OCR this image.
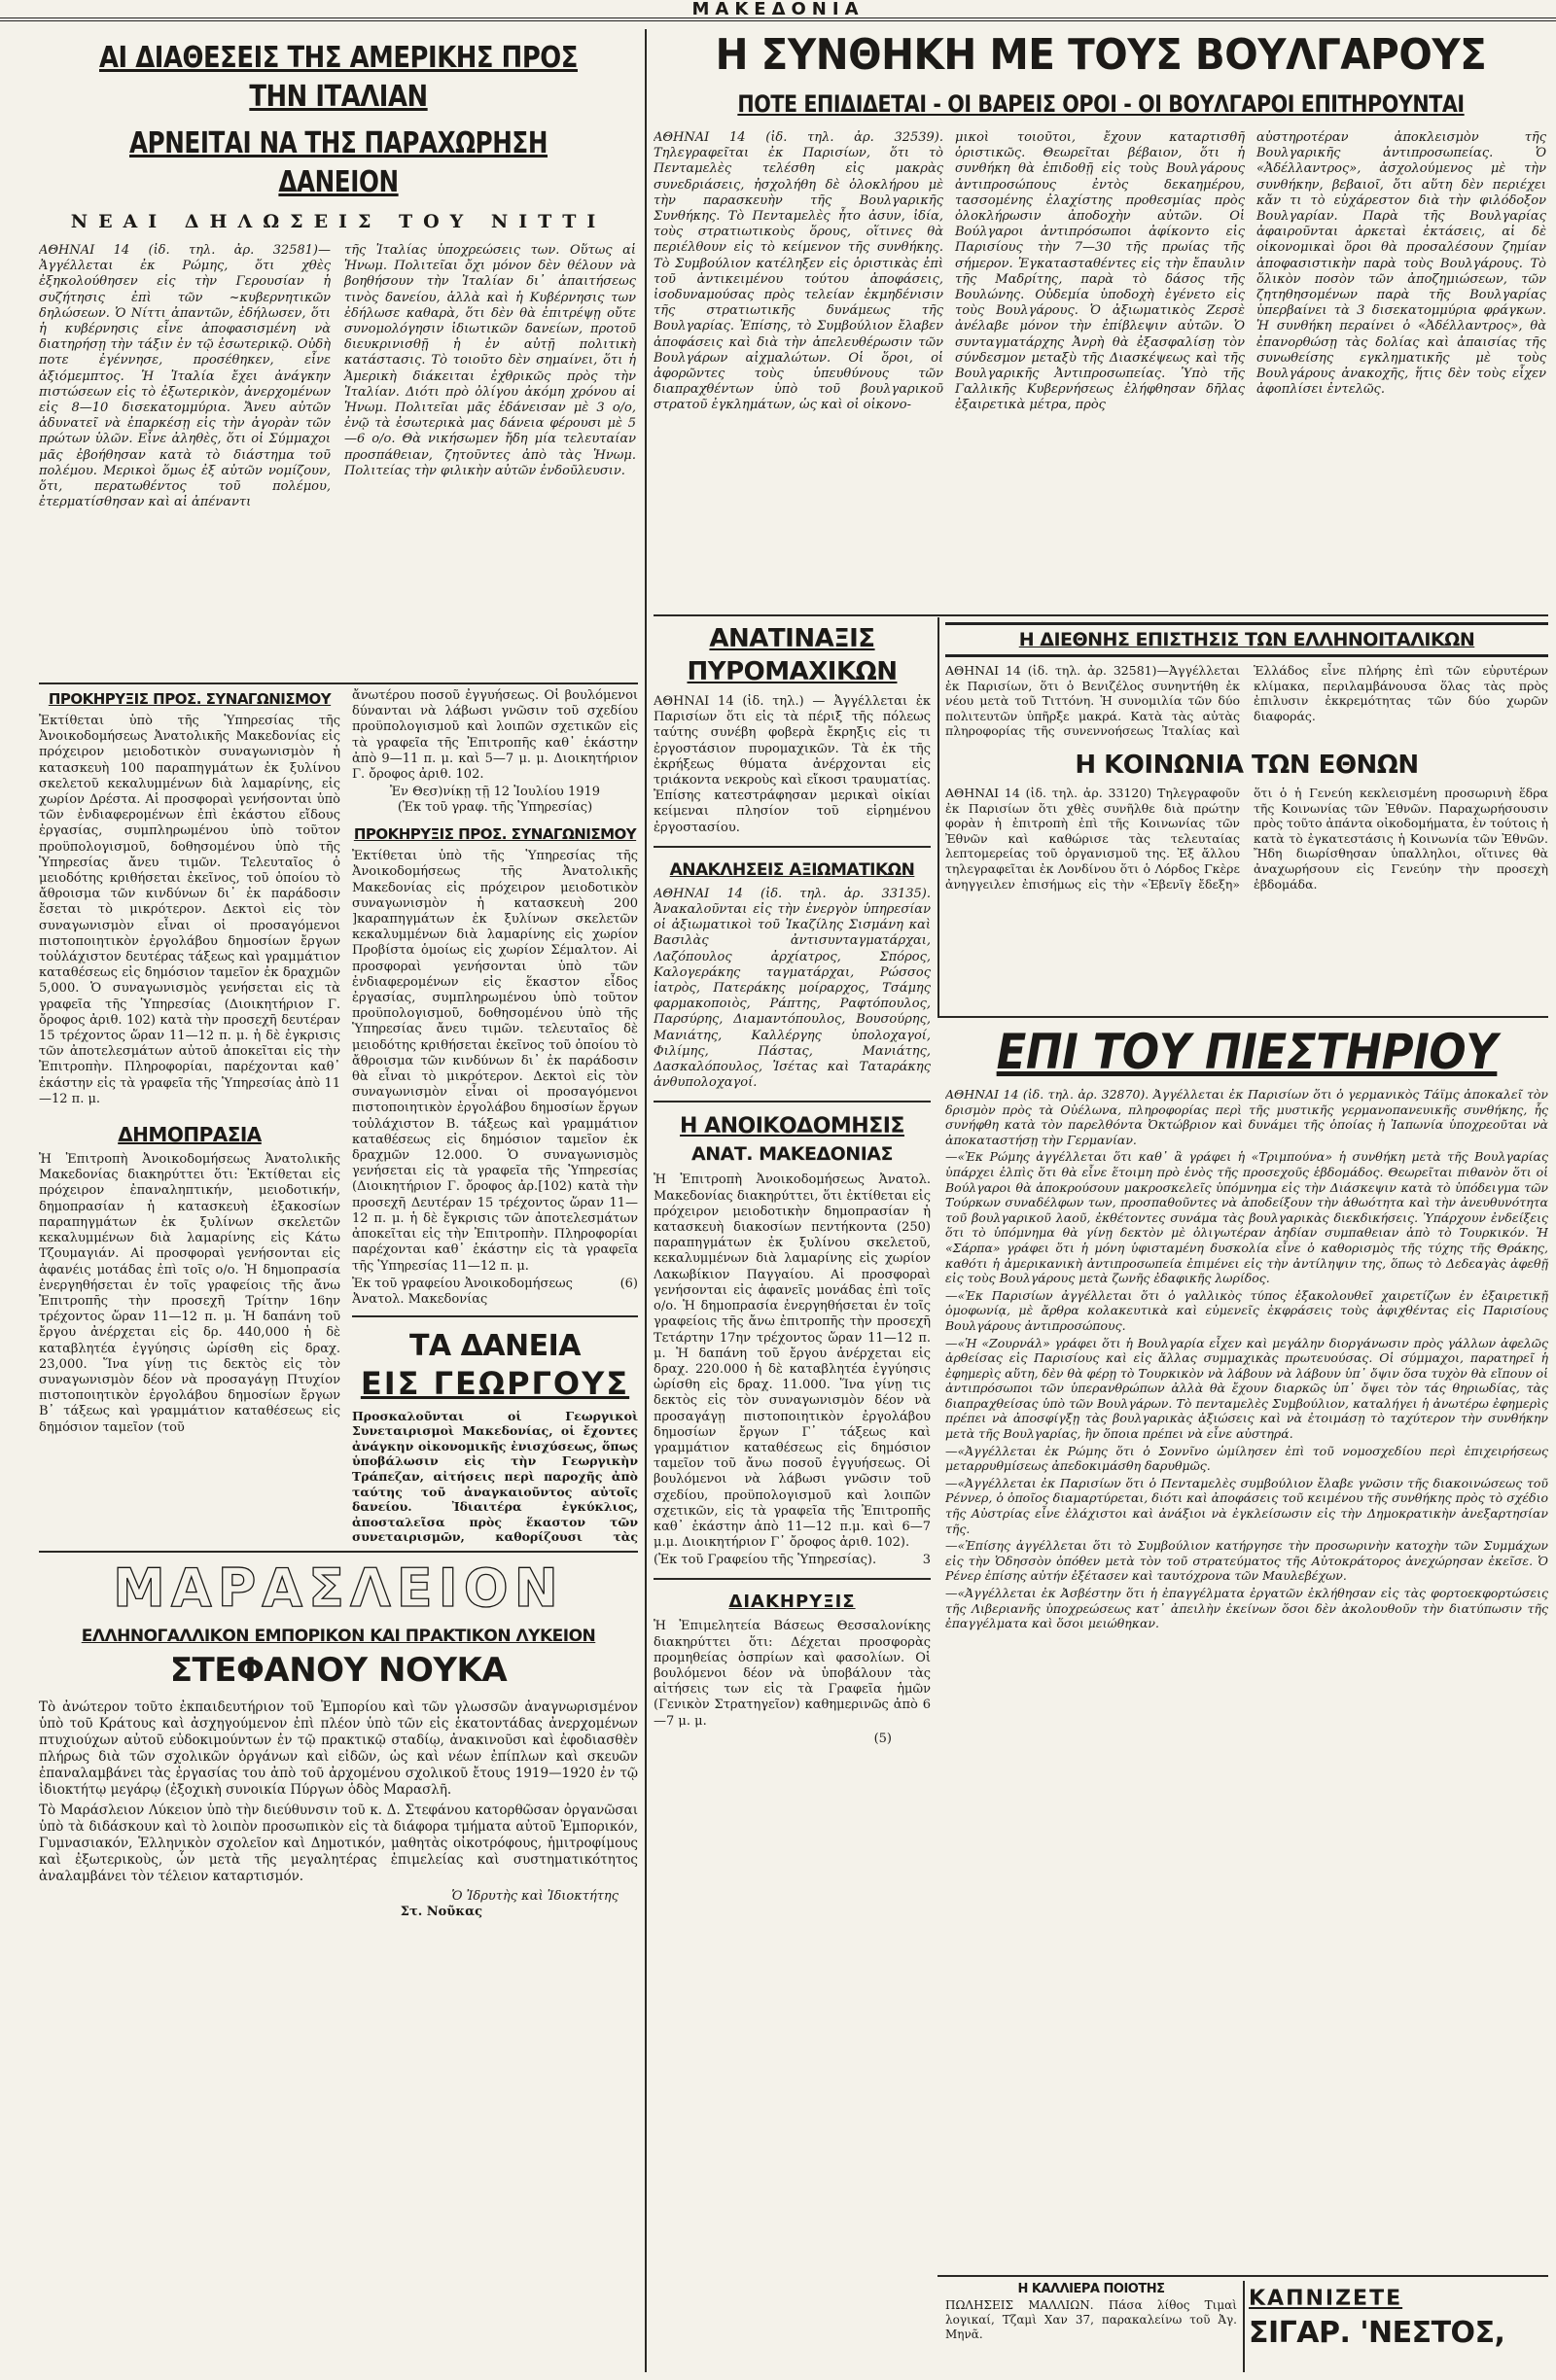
ΜΑΚΕΔΟΝΙΑ
ΑΙ ΔΙΑΘΕΣΕΙΣ ΤΗΣ ΑΜΕΡΙΚΗΣ ΠΡΟΣ ΤΗΝ ΙΤΑΛΙΑΝ
ΑΡΝΕΙΤΑΙ ΝΑ ΤΗΣ ΠΑΡΑΧΩΡΗΣΗ ΔΑΝΕΙΟΝ
ΝΕΑΙ ΔΗΛΩΣΕΙΣ ΤΟΥ ΝΙΤΤΙ

ΑΘΗΝΑΙ 14 (ἰδ. τηλ. ἀρ. 32581)—Ἀγγέλλεται ἐκ Ρώμης, ὅτι χθὲς ἐξηκολούθησεν εἰς τὴν Γερουσίαν ἡ συζήτησις ἐπὶ τῶν ~κυβερνητικῶν δηλώσεων. Ὁ Νίττι ἀπαντῶν, ἐδήλωσεν, ὅτι ἡ κυβέρνησις εἶνε ἀποφασισμένη νὰ διατηρήσῃ τὴν τάξιν ἐν τῷ ἐσωτερικῷ. Οὐδὴ ποτε ἐγέννησε, προσέθηκεν, εἶνε ἀξιόμεμπτος. Ἡ Ἰταλία ἔχει ἀνάγκην πιστώσεων εἰς τὸ ἐξωτερικὸν, ἀνερχομένων εἰς 8—10 δισεκατομμύρια. Ἄνευ αὐτῶν ἀδυνατεῖ νὰ ἐπαρκέσῃ εἰς τὴν ἀγορὰν τῶν πρώτων ὑλῶν. Εἶνε ἀληθὲς, ὅτι οἱ Σύμμαχοι μᾶς ἐβοήθησαν κατὰ τὸ διάστημα τοῦ πολέμου. Μερικοὶ ὅμως ἐξ αὐτῶν νομίζουν, ὅτι, περατωθέντος τοῦ πολέμου, ἐτερματίσθησαν καὶ αἱ ἀπέναντι

τῆς Ἰταλίας ὑποχρεώσεις των. Οὕτως αἱ Ἡνωμ. Πολιτεῖαι ὄχι μόνον δὲν θέλουν νὰ βοηθήσουν τὴν Ἰταλίαν δι᾽ ἀπαιτήσεως τινὸς δανείου, ἀλλὰ καὶ ἡ Κυβέρνησις των ἐδήλωσε καθαρὰ, ὅτι δὲν θὰ ἐπιτρέψῃ οὔτε συνομολόγησιν ἰδιωτικῶν δανείων, προτοῦ διευκρινισθῇ ἡ ἐν αὐτῇ πολιτικὴ κατάστασις. Τὸ τοιοῦτο δὲν σημαίνει, ὅτι ἡ Ἀμερικὴ διάκειται ἐχθρικῶς πρὸς τὴν Ἰταλίαν. Διότι πρὸ ὀλίγου ἀκόμη χρόνου αἱ Ἡνωμ. Πολιτεῖαι μᾶς ἐδάνεισαν μὲ 3 ο/ο, ἐνῷ τὰ ἐσωτερικὰ μας δάνεια φέρουσι μὲ 5—6 ο/ο. Θὰ νικήσωμεν ἤδη μία τελευταίαν προσπάθειαν, ζητοῦντες ἀπὸ τὰς Ἡνωμ. Πολιτείας τὴν φιλικὴν αὐτῶν ἐνδοῦλευσιν.

ΠΡΟΚΗΡΥΞΙΣ ΠΡΟΣ. ΣΥΝΑΓΩΝΙΣΜΟΥ

Ἐκτίθεται ὑπὸ τῆς Ὑπηρεσίας τῆς Ἀνοικοδομήσεως Ἀνατολικῆς Μακεδονίας εἰς πρόχειρον μειοδοτικὸν συναγωνισμὸν ἡ κατασκευὴ 100 παραπηγμάτων ἐκ ξυλίνου σκελετοῦ κεκαλυμμένων διὰ λαμαρίνης, εἰς χωρίον Δρέστα. Αἱ προσφοραὶ γενήσονται ὑπὸ τῶν ἐνδιαφερομένων ἐπὶ ἑκάστου εἴδους ἐργασίας, συμπληρωμένου ὑπὸ τοῦτον προϋπολογισμοῦ, δοθησομένου ὑπὸ τῆς Ὑπηρεσίας ἄνευ τιμῶν. Τελευταῖος ὁ μειοδότης κριθήσεται ἐκεῖνος, τοῦ ὁποίου τὸ ἄθροισμα τῶν κινδύνων δι᾽ ἐκ παράδοσιν ἔσεται τὸ μικρότερον. Δεκτοὶ εἰς τὸν συναγωνισμὸν εἶναι οἱ προσαγόμενοι πιστοποιητικὸν ἐργολάβου δημοσίων ἔργων τοὐλάχιστον δευτέρας τάξεως καὶ γραμμάτιον καταθέσεως εἰς δημόσιον ταμεῖον ἐκ δραχμῶν 5,000. Ὁ συναγωνισμὸς γενήσεται εἰς τὰ γραφεῖα τῆς Ὑπηρεσίας (Διοικητήριον Γ. ὄροφος ἀριθ. 102) κατὰ τὴν προσεχῆ δευτέραν 15 τρέχοντος ὥραν 11—12 π. μ. ἡ δὲ ἐγκρισις τῶν ἀποτελεσμάτων αὐτοῦ ἀποκεῖται εἰς τὴν Ἐπιτροπὴν. Πληροφορίαι, παρέχονται καθ᾽ ἑκάστην εἰς τὰ γραφεῖα τῆς Ὑπηρεσίας ἀπὸ 11—12 π. μ.

ΔΗΜΟΠΡΑΣΙΑ

Ἡ Ἐπιτροπὴ Ἀνοικοδομήσεως Ἀνατολικῆς Μακεδονίας διακηρύττει ὅτι: Ἐκτίθεται εἰς πρόχειρον ἐπαναληπτικήν, μειοδοτικήν, δημοπρασίαν ἡ κατασκευὴ ἑξακοσίων παραπηγμάτων ἐκ ξυλίνων σκελετῶν κεκαλυμμένων διὰ λαμαρίνης εἰς Κάτω Τζουμαγιάν. Αἱ προσφοραὶ γενήσονται εἰς ἀφανέις μοτάδας ἐπὶ τοῖς ο/ο. Ἡ δημοπρασία ἐνεργηθήσεται ἐν τοῖς γραφείοις τῆς ἄνω Ἐπιτροπῆς τὴν προσεχῆ Τρίτην 16ην τρέχοντος ὥραν 11—12 π. μ. Ἡ δαπάνη τοῦ ἔργου ἀνέρχεται εἰς δρ. 440,000 ἡ δὲ καταβλητέα ἐγγύησις ὡρίσθη εἰς δραχ. 23,000. Ἵνα γίνῃ τις δεκτὸς εἰς τὸν συναγωνισμὸν δέον νὰ προσαγάγῃ Πτυχίον πιστοποιητικὸν ἐργολάβου δημοσίων ἔργων Β᾽ τάξεως καὶ γραμμάτιον καταθέσεως εἰς δημόσιον ταμεῖον (τοῦ

ἄνωτέρου ποσοῦ ἐγγυήσεως. Οἱ βουλόμενοι δύνανται νὰ λάβωσι γνῶσιν τοῦ σχεδίου προϋπολογισμοῦ καὶ λοιπῶν σχετικῶν εἰς τὰ γραφεῖα τῆς Ἐπιτροπῆς καθ᾽ ἑκάστην ἀπὸ 9—11 π. μ. καὶ 5—7 μ. μ. Διοικητήριον Γ. ὄροφος ἀριθ. 102.

Ἐν Θεσ)νίκῃ τῇ 12 Ἰουλίου 1919

(Ἐκ τοῦ γραφ. τῆς Ὑπηρεσίας)

ΠΡΟΚΗΡΥΞΙΣ ΠΡΟΣ. ΣΥΝΑΓΩΝΙΣΜΟΥ

Ἐκτίθεται ὑπὸ τῆς Ὑπηρεσίας τῆς Ἀνοικοδομήσεως τῆς Ἀνατολικῆς Μακεδονίας εἰς πρόχειρον μειοδοτικὸν συναγωνισμὸν ἡ κατασκευὴ 200 ]καραπηγμάτων ἐκ ξυλίνων σκελετῶν κεκαλυμμένων διὰ λαμαρίνης εἰς χωρίον Προβίστα ὁμοίως εἰς χωρίον Σέμαλτον. Αἱ προσφοραὶ γενήσονται ὑπὸ τῶν ἐνδιαφερομένων εἰς ἕκαστον εἶδος ἐργασίας, συμπληρωμένου ὑπὸ τοῦτον προϋπολογισμοῦ, δοθησομένου ὑπὸ τῆς Ὑπηρεσίας ἄνευ τιμῶν. τελευταῖος δὲ μειοδότης κριθήσεται ἐκεῖνος τοῦ ὁποίου τὸ ἄθροισμα τῶν κινδύνων δι᾽ ἐκ παράδοσιν θὰ εἶναι τὸ μικρότερον. Δεκτοὶ εἰς τὸν συναγωνισμὸν εἶναι οἱ προσαγόμενοι πιστοποιητικὸν ἐργολάβου δημοσίων ἔργων τοὐλάχιστον Β. τάξεως καὶ γραμμάτιον καταθέσεως εἰς δημόσιον ταμεῖον ἐκ δραχμῶν 12.000. Ὁ συναγωνισμὸς γενήσεται εἰς τὰ γραφεῖα τῆς Ὑπηρεσίας (Διοικητήριον Γ. ὄροφος ἀρ.[102) κατὰ τὴν προσεχῆ Δευτέραν 15 τρέχοντος ὥραν 11—12 π. μ. ἡ δὲ ἔγκρισις τῶν ἀποτελεσμάτων ἀποκεῖται εἰς τὴν Ἐπιτροπὴν. Πληροφορίαι παρέχονται καθ᾽ ἑκάστην εἰς τὰ γραφεῖα τῆς Ὑπηρεσίας 11—12 π. μ.

Ἐκ τοῦ γραφείου Ἀνοικοδομήσεως Ἀνατολ. Μακεδονίας
(6)
ΤΑ ΔΑΝΕΙΑ
ΕΙΣ ΓΕΩΡΓΟΥΣ

Προσκαλοῦνται οἱ Γεωργικοὶ Συνεταιρισμοὶ Μακεδονίας, οἱ ἔχοντες ἀνάγκην οἰκονομικῆς ἐνισχύσεως, ὅπως ὑποβάλωσιν εἰς τὴν Γεωργικὴν Τράπεζαν, αἰτήσεις περὶ παροχῆς ἀπὸ ταύτης τοῦ ἀναγκαιοῦντος αὐτοῖς δανείου. Ἰδιαιτέρα ἐγκύκλιος, ἀποσταλεῖσα πρὸς ἕκαστον τῶν συνεταιρισμῶν, καθορίζουσι τὰς

ΜΑΡΑΣΛΕΙΟΝ
ΕΛΛΗΝΟΓΑΛΛΙΚΟΝ ΕΜΠΟΡΙΚΟΝ ΚΑΙ ΠΡΑΚΤΙΚΟΝ ΛΥΚΕΙΟΝ
ΣΤΕΦΑΝΟΥ ΝΟΥΚΑ

Τὸ ἀνώτερον τοῦτο ἐκπαιδευτήριον τοῦ Ἐμπορίου καὶ τῶν γλωσσῶν ἀναγνωρισμένον ὑπὸ τοῦ Κράτους καὶ ἀσχηγούμενον ἐπὶ πλέον ὑπὸ τῶν εἰς ἑκατοντάδας ἀνερχομένων πτυχιούχων αὐτοῦ εὐδοκιμούντων ἐν τῷ πρακτικῷ σταδίῳ, ἀνακινοῦσι καὶ ἐφοδιασθὲν πλήρως διὰ τῶν σχολικῶν ὀργάνων καὶ εἰδῶν, ὡς καὶ νέων ἐπίπλων καὶ σκευῶν ἐπαναλαμβάνει τὰς ἐργασίας του ἀπὸ τοῦ ἀρχομένου σχολικοῦ ἔτους 1919—1920 ἐν τῷ ἰδιοκτήτῳ μεγάρῳ (ἐξοχικὴ συνοικία Πύργων ὁδὸς Μαρασλῆ.

Τὸ Μαράσλειον Λύκειον ὑπὸ τὴν διεύθυνσιν τοῦ κ. Δ. Στεφάνου κατορθῶσαν ὀργανῶσαι ὑπὸ τὰ διδάσκουν καὶ τὸ λοιπὸν προσωπικὸν εἰς τὰ διάφορα τμήματα αὐτοῦ Ἐμπορικόν, Γυμνασιακόν, Ἑλληνικὸν σχολεῖον καὶ Δημοτικόν, μαθητὰς οἰκοτρόφους, ἡμιτροφίμους καὶ ἐξωτερικοὺς, ὧν μετὰ τῆς μεγαλητέρας ἐπιμελείας καὶ συστηματικότητος ἀναλαμβάνει τὸν τέλειον καταρτισμόν.

Ὁ Ἰδρυτὴς καὶ Ἰδιοκτήτης

Στ. Νοῦκας

Η ΣΥΝΘΗΚΗ ΜΕ ΤΟΥΣ ΒΟΥΛΓΑΡΟΥΣ
ΠΟΤΕ ΕΠΙΔΙΔΕΤΑΙ - ΟΙ ΒΑΡΕΙΣ ΟΡΟΙ - ΟΙ ΒΟΥΛΓΑΡΟΙ ΕΠΙΤΗΡΟΥΝΤΑΙ

ΑΘΗΝΑΙ 14 (ἰδ. τηλ. ἀρ. 32539). Τηλεγραφεῖται ἐκ Παρισίων, ὅτι τὸ Πενταμελὲς τελέσθη εἰς μακρὰς συνεδριάσεις, ἠσχολήθη δὲ ὁλοκλήρου μὲ τὴν παρασκευὴν τῆς Βουλγαρικῆς Συνθήκης. Τὸ Πενταμελὲς ἦτο ἀσυν, ἰδία, τοὺς στρατιωτικοὺς ὅρους, οἵτινες θὰ περιέλθουν εἰς τὸ κείμενον τῆς συνθήκης. Τὸ Συμβούλιον κατέληξεν εἰς ὁριστικὰς ἐπὶ τοῦ ἀντικειμένου τούτου ἀποφάσεις, ἰσοδυναμούσας πρὸς τελείαν ἐκμηδένισιν τῆς στρατιωτικῆς δυνάμεως τῆς Βουλγαρίας. Ἐπίσης, τὸ Συμβούλιον ἔλαβεν ἀποφάσεις καὶ διὰ τὴν ἀπελευθέρωσιν τῶν Βουλγάρων αἰχμαλώτων. Οἱ ὅροι, οἱ ἀφορῶντες τοὺς ὑπευθύνους τῶν διαπραχθέντων ὑπὸ τοῦ βουλγαρικοῦ στρατοῦ ἐγκλημάτων, ὡς καὶ οἱ οἰκονο-

μικοὶ τοιοῦτοι, ἔχουν καταρτισθῆ ὁριστικῶς. Θεωρεῖται βέβαιον, ὅτι ἡ συνθήκη θὰ ἐπιδοθῇ εἰς τοὺς Βουλγάρους ἀντιπροσώπους ἐντὸς δεκαημέρου, τασσομένης ἐλαχίστης προθεσμίας πρὸς ὁλοκλήρωσιν ἀποδοχὴν αὐτῶν. Οἱ Βούλγαροι ἀντιπρόσωποι ἀφίκοντο εἰς Παρισίους τὴν 7—30 τῆς πρωίας τῆς σήμερον. Ἐγκατασταθέντες εἰς τὴν ἔπαυλιν τῆς Μαδρίτης, παρὰ τὸ δάσος τῆς Βουλώνης. Οὐδεμία ὑποδοχὴ ἐγένετο εἰς τοὺς Βουλγάρους. Ὁ ἀξιωματικὸς Ζερσὲ ἀνέλαβε μόνον τὴν ἐπίβλεψιν αὐτῶν. Ὁ συνταγματάρχης Ἀνρὴ θὰ ἐξασφαλίσῃ τὸν σύνδεσμον μεταξὺ τῆς Διασκέψεως καὶ τῆς Βουλγαρικῆς Ἀντιπροσωπείας. Ὑπὸ τῆς Γαλλικῆς Κυβερνήσεως ἐλήφθησαν δῆλας ἐξαιρετικὰ μέτρα, πρὸς

αὐστηροτέραν ἀποκλεισμὸν τῆς Βουλγαρικῆς ἀντιπροσωπείας. Ὁ «Ἀδέλλαντρος», ἀσχολούμενος μὲ τὴν συνθήκην, βεβαιοῖ, ὅτι αὕτη δὲν περιέχει κἄν τι τὸ εὐχάρεστον διὰ τὴν φιλόδοξον Βουλγαρίαν. Παρὰ τῆς Βουλγαρίας ἀφαιροῦνται ἀρκεταὶ ἐκτάσεις, αἱ δὲ οἰκονομικαὶ ὅροι θὰ προσαλέσουν ζημίαν ἀποφασιστικὴν παρὰ τοὺς Βουλγάρους. Τὸ ὅλικὸν ποσὸν τῶν ἀποζημιώσεων, τῶν ζητηθησομένων παρὰ τῆς Βουλγαρίας ὑπερβαίνει τὰ 3 δισεκατομμύρια φράγκων. Ἡ συνθήκη περαίνει ὁ «Ἀδέλλαντρος», θὰ ἐπανορθώσῃ τὰς δολίας καὶ ἀπαισίας τῆς συνωθείσης εγκληματικῆς μὲ τοὺς Βουλγάρους ἀνακοχῆς, ἥτις δὲν τοὺς εἶχεν ἀφοπλίσει ἐντελῶς.

ΑΝΑΤΙΝΑΞΙΣ ΠΥΡΟΜΑΧΙΚΩΝ

ΑΘΗΝΑΙ 14 (ἰδ. τηλ.) — Ἀγγέλλεται ἐκ Παρισίων ὅτι εἰς τὰ πέριξ τῆς πόλεως ταύτης συνέβη φοβερὰ ἔκρηξις εἰς τι ἐργοστάσιον πυρομαχικῶν. Τὰ ἐκ τῆς ἐκρήξεως θύματα ἀνέρχονται εἰς τριάκοντα νεκροὺς καὶ εἴκοσι τραυματίας. Ἐπίσης κατεστράφησαν μερικαὶ οἰκίαι κείμεναι πλησίον τοῦ εἰρημένου ἐργοστασίου.

ΑΝΑΚΛΗΣΕΙΣ ΑΞΙΩΜΑΤΙΚΩΝ

ΑΘΗΝΑΙ 14 (ἰδ. τηλ. ἀρ. 33135). Ἀνακαλοῦνται εἰς τὴν ἐνεργὸν ὑπηρεσίαν οἱ ἀξιωματικοὶ τοῦ Ἰκαζίλης Σισμάνη καὶ Βασιλὰς ἀντισυνταγματάρχαι, Λαζόπουλος ἀρχίατρος, Σπόρος, Καλογεράκης ταγματάρχαι, Ρώσσος ἰατρὸς, Πατεράκης μοίραρχος, Τσάμης φαρμακοποιὸς, Ράπτης, Ραφτόπουλος, Παρσύρης, Διαμαντόπουλος, Βουσούρης, Μανιάτης, Καλλέργης ὑπολοχαγοί, Φιλίμης, Πάστας, Μανιάτης, Δασκαλόπουλος, Ἰσέτας καὶ Ταταράκης ἀνθυπολοχαγοί.

Η ΑΝΟΙΚΟΔΟΜΗΣΙΣ
ΑΝΑΤ. ΜΑΚΕΔΟΝΙΑΣ

Ἡ Ἐπιτροπὴ Ἀνοικοδομήσεως Ἀνατολ. Μακεδονίας διακηρύττει, ὅτι ἐκτίθεται εἰς πρόχειρον μειοδοτικὴν δημοπρασίαν ἡ κατασκευὴ διακοσίων πεντήκοντα (250) παραπηγμάτων ἐκ ξυλίνου σκελετοῦ, κεκαλυμμένων διὰ λαμαρίνης εἰς χωρίον Λακωβίκιον Παγγαίου. Αἱ προσφοραὶ γενήσονται εἰς ἀφανεῖς μονάδας ἐπὶ τοῖς ο/ο. Ἡ δημοπρασία ἐνεργηθήσεται ἐν τοῖς γραφείοις τῆς ἄνω ἐπιτροπῆς τὴν προσεχῆ Τετάρτην 17ην τρέχοντος ὥραν 11—12 π. μ. Ἡ δαπάνη τοῦ ἔργου ἀνέρχεται εἰς δραχ. 220.000 ἡ δὲ καταβλητέα ἐγγύησις ὡρίσθη εἰς δραχ. 11.000. Ἵνα γίνῃ τις δεκτὸς εἰς τὸν συναγωνισμὸν δέον νὰ προσαγάγῃ πιστοποιητικὸν ἐργολάβου δημοσίων ἔργων Γ᾽ τάξεως καὶ γραμμάτιον καταθέσεως εἰς δημόσιον ταμεῖον τοῦ ἄνω ποσοῦ ἐγγυήσεως. Οἱ βουλόμενοι νὰ λάβωσι γνῶσιν τοῦ σχεδίου, προϋπολογισμοῦ καὶ λοιπῶν σχετικῶν, εἰς τὰ γραφεῖα τῆς Ἐπιτροπῆς καθ᾽ ἑκάστην ἀπὸ 11—12 π.μ. καὶ 6—7 μ.μ. Διοικητήριον Γ᾽ ὄροφος ἀριθ. 102).

(Ἐκ τοῦ Γραφείου τῆς Ὑπηρεσίας).	3
ΔΙΑΚΗΡΥΞΙΣ

Ἡ Ἐπιμελητεία Βάσεως Θεσσαλονίκης διακηρύττει ὅτι: Δέχεται προσφορὰς προμηθείας ὀσπρίων καὶ φασολίων. Οἱ βουλόμενοι δέον νὰ ὑποβάλουν τὰς αἰτήσεις των εἰς τὰ Γραφεῖα ἡμῶν (Γενικὸν Στρατηγεῖον) καθημερινῶς ἀπὸ 6—7 μ. μ.

(5)
Η ΔΙΕΘΝΗΣ ΕΠΙΣΤΗΣΙΣ ΤΩΝ ΕΛΛΗΝΟΙΤΑΛΙΚΩΝ

ΑΘΗΝΑΙ 14 (ἰδ. τηλ. ἀρ. 32581)—Ἀγγέλλεται ἐκ Παρισίων, ὅτι ὁ Βενιζέλος συνηντήθη ἐκ νέου μετὰ τοῦ Τιττόνη. Ἡ συνομιλία τῶν δύο πολιτευτῶν ὑπῆρξε μακρά. Κατὰ τὰς αὐτὰς πληροφορίας τῆς συνεννοήσεως Ἰταλίας καὶ Ἑλλάδος εἶνε πλήρης ἐπὶ τῶν εὐρυτέρων κλίμακα, περιλαμβάνουσα ὅλας τὰς πρὸς ἐπιλυσιν ἐκκρεμότητας τῶν δύο χωρῶν διαφοράς.

Η ΚΟΙΝΩΝΙΑ ΤΩΝ ΕΘΝΩΝ

ΑΘΗΝΑΙ 14 (ἰδ. τηλ. ἀρ. 33120) Τηλεγραφοῦν ἐκ Παρισίων ὅτι χθὲς συνῆλθε διὰ πρώτην φορὰν ἡ ἐπιτροπὴ ἐπὶ τῆς Κοινωνίας τῶν Ἐθνῶν καὶ καθώρισε τὰς τελευταίας λεπτομερείας τοῦ ὀργανισμοῦ της. Ἐξ ἄλλου τηλεγραφεῖται ἐκ Λονδίνου ὅτι ὁ Λόρδος Γκὲρε ἀνηγγειλεν ἐπισήμως εἰς τὴν «Ἐβενῖγ ἔδεξη» ὅτι ὁ ἡ Γενεύη κεκλεισμένη προσωρινὴ ἕδρα τῆς Κοινωνίας τῶν Ἐθνῶν. Παραχωρήσουσιν πρὸς τοῦτο ἀπάντα οἰκοδομήματα, ἐν τούτοις ἡ κατὰ τὸ ἐγκατεστάσις ἡ Κοινωνία τῶν Ἐθνῶν. Ἤδη διωρίσθησαν ὑπαλληλοι, οἵτινες θὰ ἀναχωρήσουν εἰς Γενεύην τὴν προσεχὴ ἑβδομάδα.

ΕΠΙ ΤΟΥ ΠΙΕΣΤΗΡΙΟΥ

ΑΘΗΝΑΙ 14 (ἰδ. τηλ. ἀρ. 32870). Ἀγγέλλεται ἐκ Παρισίων ὅτι ὁ γερμανικὸς Τάϊμς ἀποκαλεῖ τὸν δρισμὸν πρὸς τὰ Οὐέλωνα, πληροφορίας περὶ τῆς μυστικῆς γερμανοπανευικῆς συνθήκης, ἧς συνήφθη κατὰ τὸν παρελθόντα Ὀκτώβριον καὶ δυνάμει τῆς ὁποίας ἡ Ἰαπωνία ὑποχρεοῦται νὰ ἀποκαταστήσῃ τὴν Γερμανίαν.

—«Ἐκ Ρώμης ἀγγέλλεται ὅτι καθ᾽ ἃ γράφει ἡ «Τριμπούνα» ἡ συνθήκη μετὰ τῆς Βουλγαρίας ὑπάρχει ἐλπὶς ὅτι θὰ εἶνε ἕτοιμη πρὸ ἑνὸς τῆς προσεχοῦς ἑβδομάδος. Θεωρεῖται πιθανὸν ὅτι οἱ Βούλγαροι θὰ ἀποκρούσουν μακροσκελεῖς ὑπόμνημα εἰς τὴν Διάσκεψιν κατὰ τὸ ὑπόδειγμα τῶν Τούρκων συναδέλφων των, προσπαθοῦντες νὰ ἀποδείξουν τὴν ἀθωότητα καὶ τὴν ἀνευθυνότητα τοῦ βουλγαρικοῦ λαοῦ, ἐκθέτοντες συνάμα τὰς βουλγαρικὰς διεκδικήσεις. Ὑπάρχουν ἐνδείξεις ὅτι τὸ ὑπόμνημα θὰ γίνῃ δεκτὸν μὲ ὀλιγωτέραν ἀηδίαν συμπαθειαν ἀπὸ τὸ Τουρκικόν. Ἡ «Σάρπα» γράφει ὅτι ἡ μόνη ὑφισταμένη δυσκολία εἶνε ὁ καθορισμὸς τῆς τύχης τῆς Θράκης, καθότι ἡ ἀμερικανικὴ ἀντιπροσωπεία ἐπιμένει εἰς τὴν ἀντίληψιν της, ὅπως τὸ Δεδεαγὰς ἀφεθῇ εἰς τοὺς Βουλγάρους μετὰ ζωνῆς ἐδαφικῆς λωρίδος.

—«Ἐκ Παρισίων ἀγγέλλεται ὅτι ὁ γαλλικὸς τύπος ἐξακολουθεῖ χαιρετίζων ἐν ἐξαιρετικῇ ὁμοφωνίᾳ, μὲ ἄρθρα κολακευτικὰ καὶ εὐμενεῖς ἐκφράσεις τοὺς ἀφιχθέντας εἰς Παρισίους Βουλγάρους ἀντιπροσώπους.

—«Ἡ «Ζουρνάλ» γράφει ὅτι ἡ Βουλγαρία εἶχεν καὶ μεγάλην διοργάνωσιν πρὸς γάλλων ἀφελῶς ἀρθείσας εἰς Παρισίους καὶ εἰς ἄλλας συμμαχικὰς πρωτευούσας. Οἱ σύμμαχοι, παρατηρεῖ ἡ ἐφημερὶς αὕτη, δὲν θὰ φέρῃ τὸ Τουρκικὸν νὰ λάβουν νὰ λάβουν ὑπ᾽ ὄψιν ὅσα τυχὸν θὰ εἴπουν οἱ ἀντιπρόσωποι τῶν ὑπερανθρώπων ἀλλὰ θὰ ἔχουν διαρκῶς ὑπ᾽ ὄψει τὸν τάς θηριωδίας, τὰς διαπραχθείσας ὑπὸ τῶν Βουλγάρων. Τὸ πενταμελὲς Συμβούλιον, καταλήγει ἡ ἀνωτέρω ἐφημερὶς πρέπει νὰ ἀποσφίγξῃ τὰς βουλγαρικὰς ἀξιώσεις καὶ νὰ ἐτοιμάσῃ τὸ ταχύτερον τὴν συνθήκην μετὰ τῆς Βουλγαρίας, ἣν ὅποια πρέπει νὰ εἶνε αὐστηρά.

—«Ἀγγέλλεται ἐκ Ρώμης ὅτι ὁ Σοννῖνο ὡμίλησεν ἐπὶ τοῦ νομοσχεδίου περὶ ἐπιχειρήσεως μεταρρυθμίσεως ἀπεδοκιμάσθη δαρυθμῶς.

—«Ἀγγέλλεται ἐκ Παρισίων ὅτι ὁ Πενταμελὲς συμβούλιον ἔλαβε γνῶσιν τῆς διακοινώσεως τοῦ Ρέννερ, ὁ ὁποῖος διαμαρτύρεται, διότι καὶ ἀποφάσεις τοῦ κειμένου τῆς συνθήκης πρὸς τὸ σχέδιο τῆς Αὐστρίας εἶνε ἐλάχιστοι καὶ ἀνάξιοι νὰ ἐγκλείσωσιν εἰς τὴν Δημοκρατικὴν ἀνεξαρτησίαν τῆς.

—«Ἐπίσης ἀγγέλλεται ὅτι τὸ Συμβούλιον κατήργησε τὴν προσωρινὴν κατοχὴν τῶν Συμμάχων εἰς τὴν Ὁδησσὸν ὁπόθεν μετὰ τὸν τοῦ στρατεύματος τῆς Αὐτοκράτορος ἀνεχώρησαν ἐκεῖσε. Ὁ Ρένερ ἐπίσης αὐτήν ἐξέτασεν καὶ ταυτόχρονα τῶν Μαυλεβέχων.

—«Ἀγγέλλεται ἐκ Ἀσβέστην ὅτι ἡ ἐπαγγέλματα ἐργατῶν ἐκλήθησαν εἰς τὰς φορτοεκφορτώσεις τῆς Λιβεριανῆς ὑποχρεώσεως κατ᾽ ἀπειλὴν ἐκείνων ὅσοι δὲν ἀκολουθοῦν τὴν διατύπωσιν τῆς ἐπαγγέλματα καὶ ὅσοι μειώθηκαν.

Η ΚΑΛΛΙΕΡΑ ΠΟΙΟΤΗΣ

ΠΩΛΗΣΕΙΣ ΜΑΛΛΙΩΝ. Πάσα λίθος Τιμαὶ λογικαί, Τζαμὶ Χαν 37, παρακαλείνω τοῦ Ἀγ. Μηνᾶ.

ΚΑΠΝΙΖΕΤΕ
ΣΙΓΑΡ. 'ΝΕΣΤΟΣ,
